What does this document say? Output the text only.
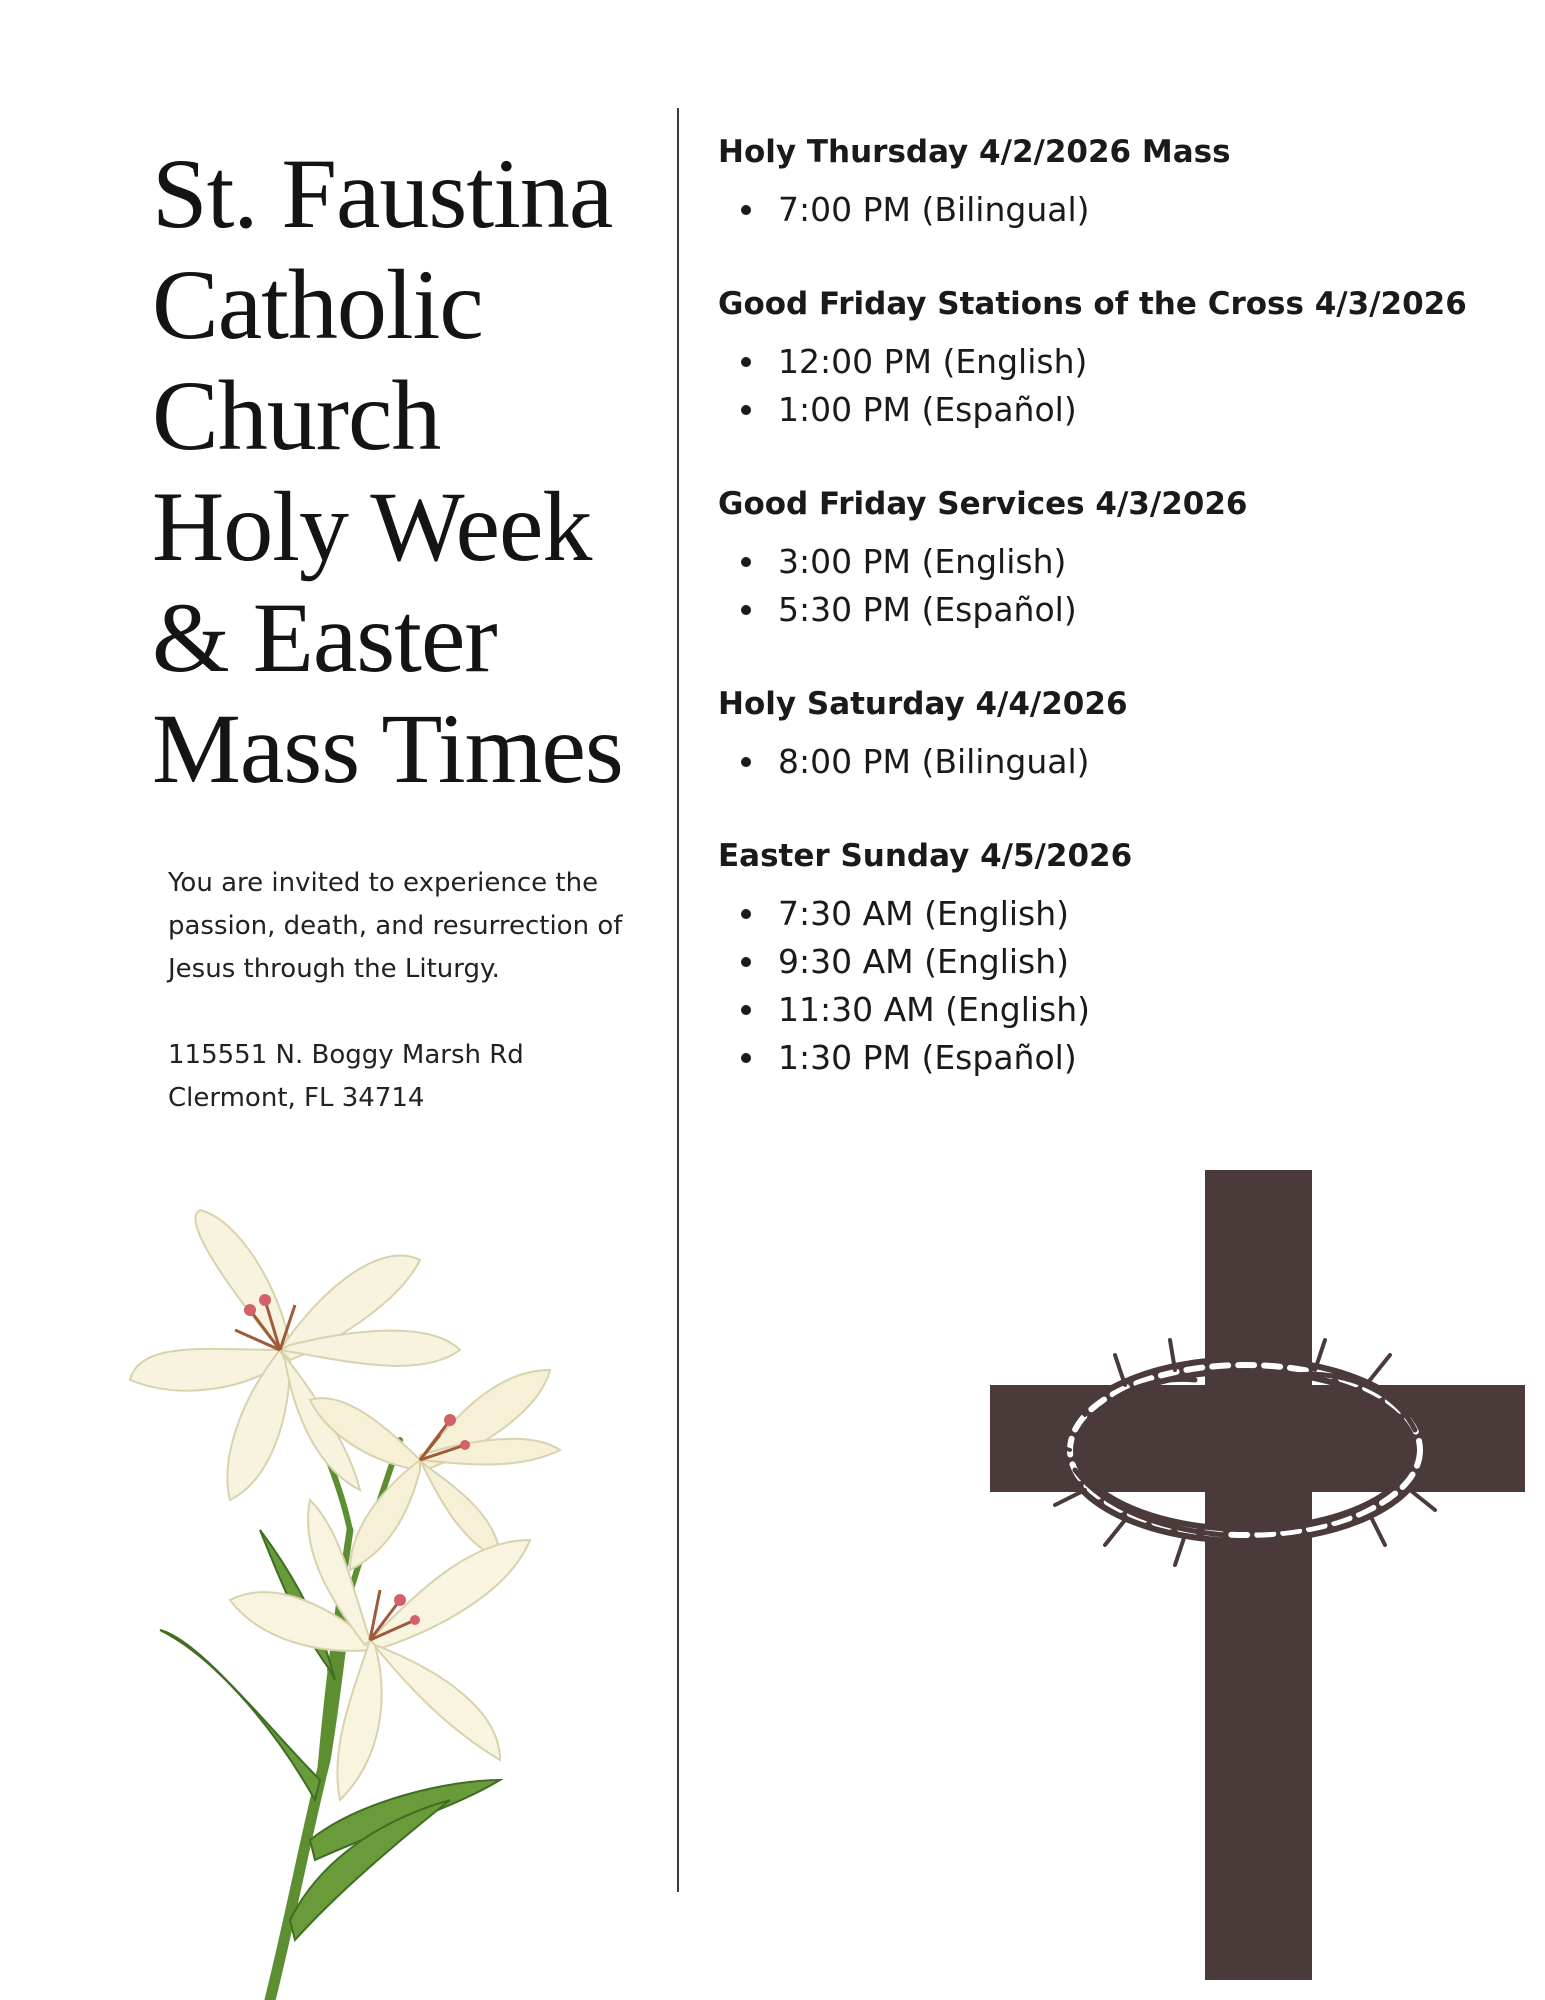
St. Faustina
Catholic
Church
Holy Week
& Easter
Mass Times
You are invited to experience the
passion, death, and resurrection of
Jesus through the Liturgy.
115551 N. Boggy Marsh Rd
Clermont, FL 34714
Holy Thursday 4/2/2026 Mass
7:00 PM (Bilingual)
Good Friday Stations of the Cross 4/3/2026
12:00 PM (English)
1:00 PM (Español)
Good Friday Services 4/3/2026
3:00 PM (English)
5:30 PM (Español)
Holy Saturday 4/4/2026
8:00 PM (Bilingual)
Easter Sunday 4/5/2026
7:30 AM (English)
9:30 AM (English)
11:30 AM (English)
1:30 PM (Español)
